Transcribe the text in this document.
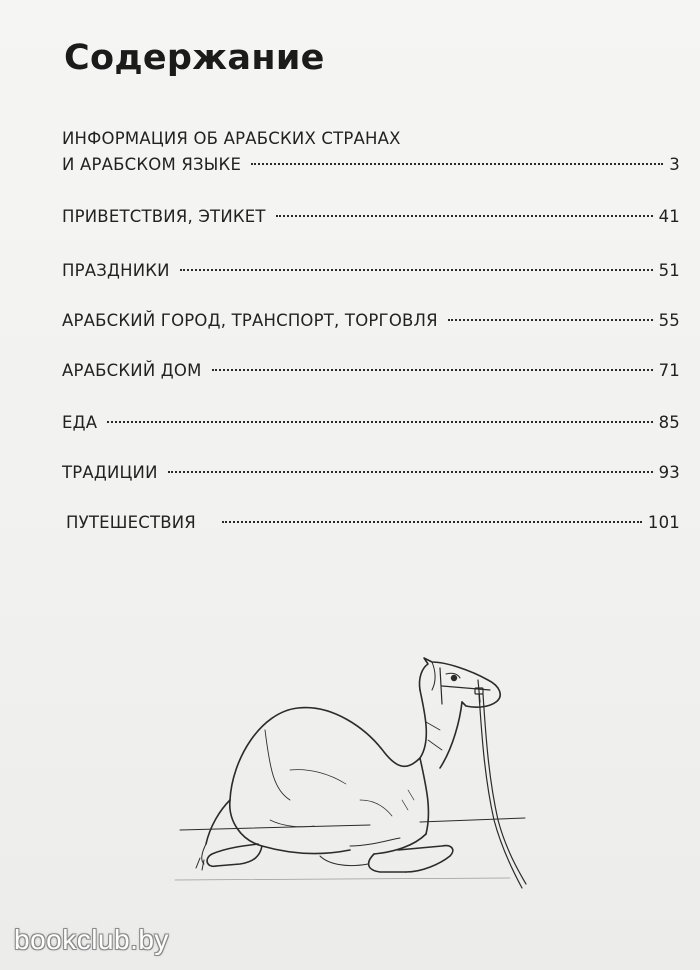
Содержание
ИНФОРМАЦИЯ ОБ АРАБСКИХ СТРАНАХ
И АРАБСКОМ ЯЗЫКЕ	3
ПРИВЕТСТВИЯ, ЭТИКЕТ	41
ПРАЗДНИКИ	51
АРАБСКИЙ ГОРОД, ТРАНСПОРТ, ТОРГОВЛЯ	55
АРАБСКИЙ ДОМ	71
ЕДА	85
ТРАДИЦИИ	93
ПУТЕШЕСТВИЯ	101
bookclub.by
